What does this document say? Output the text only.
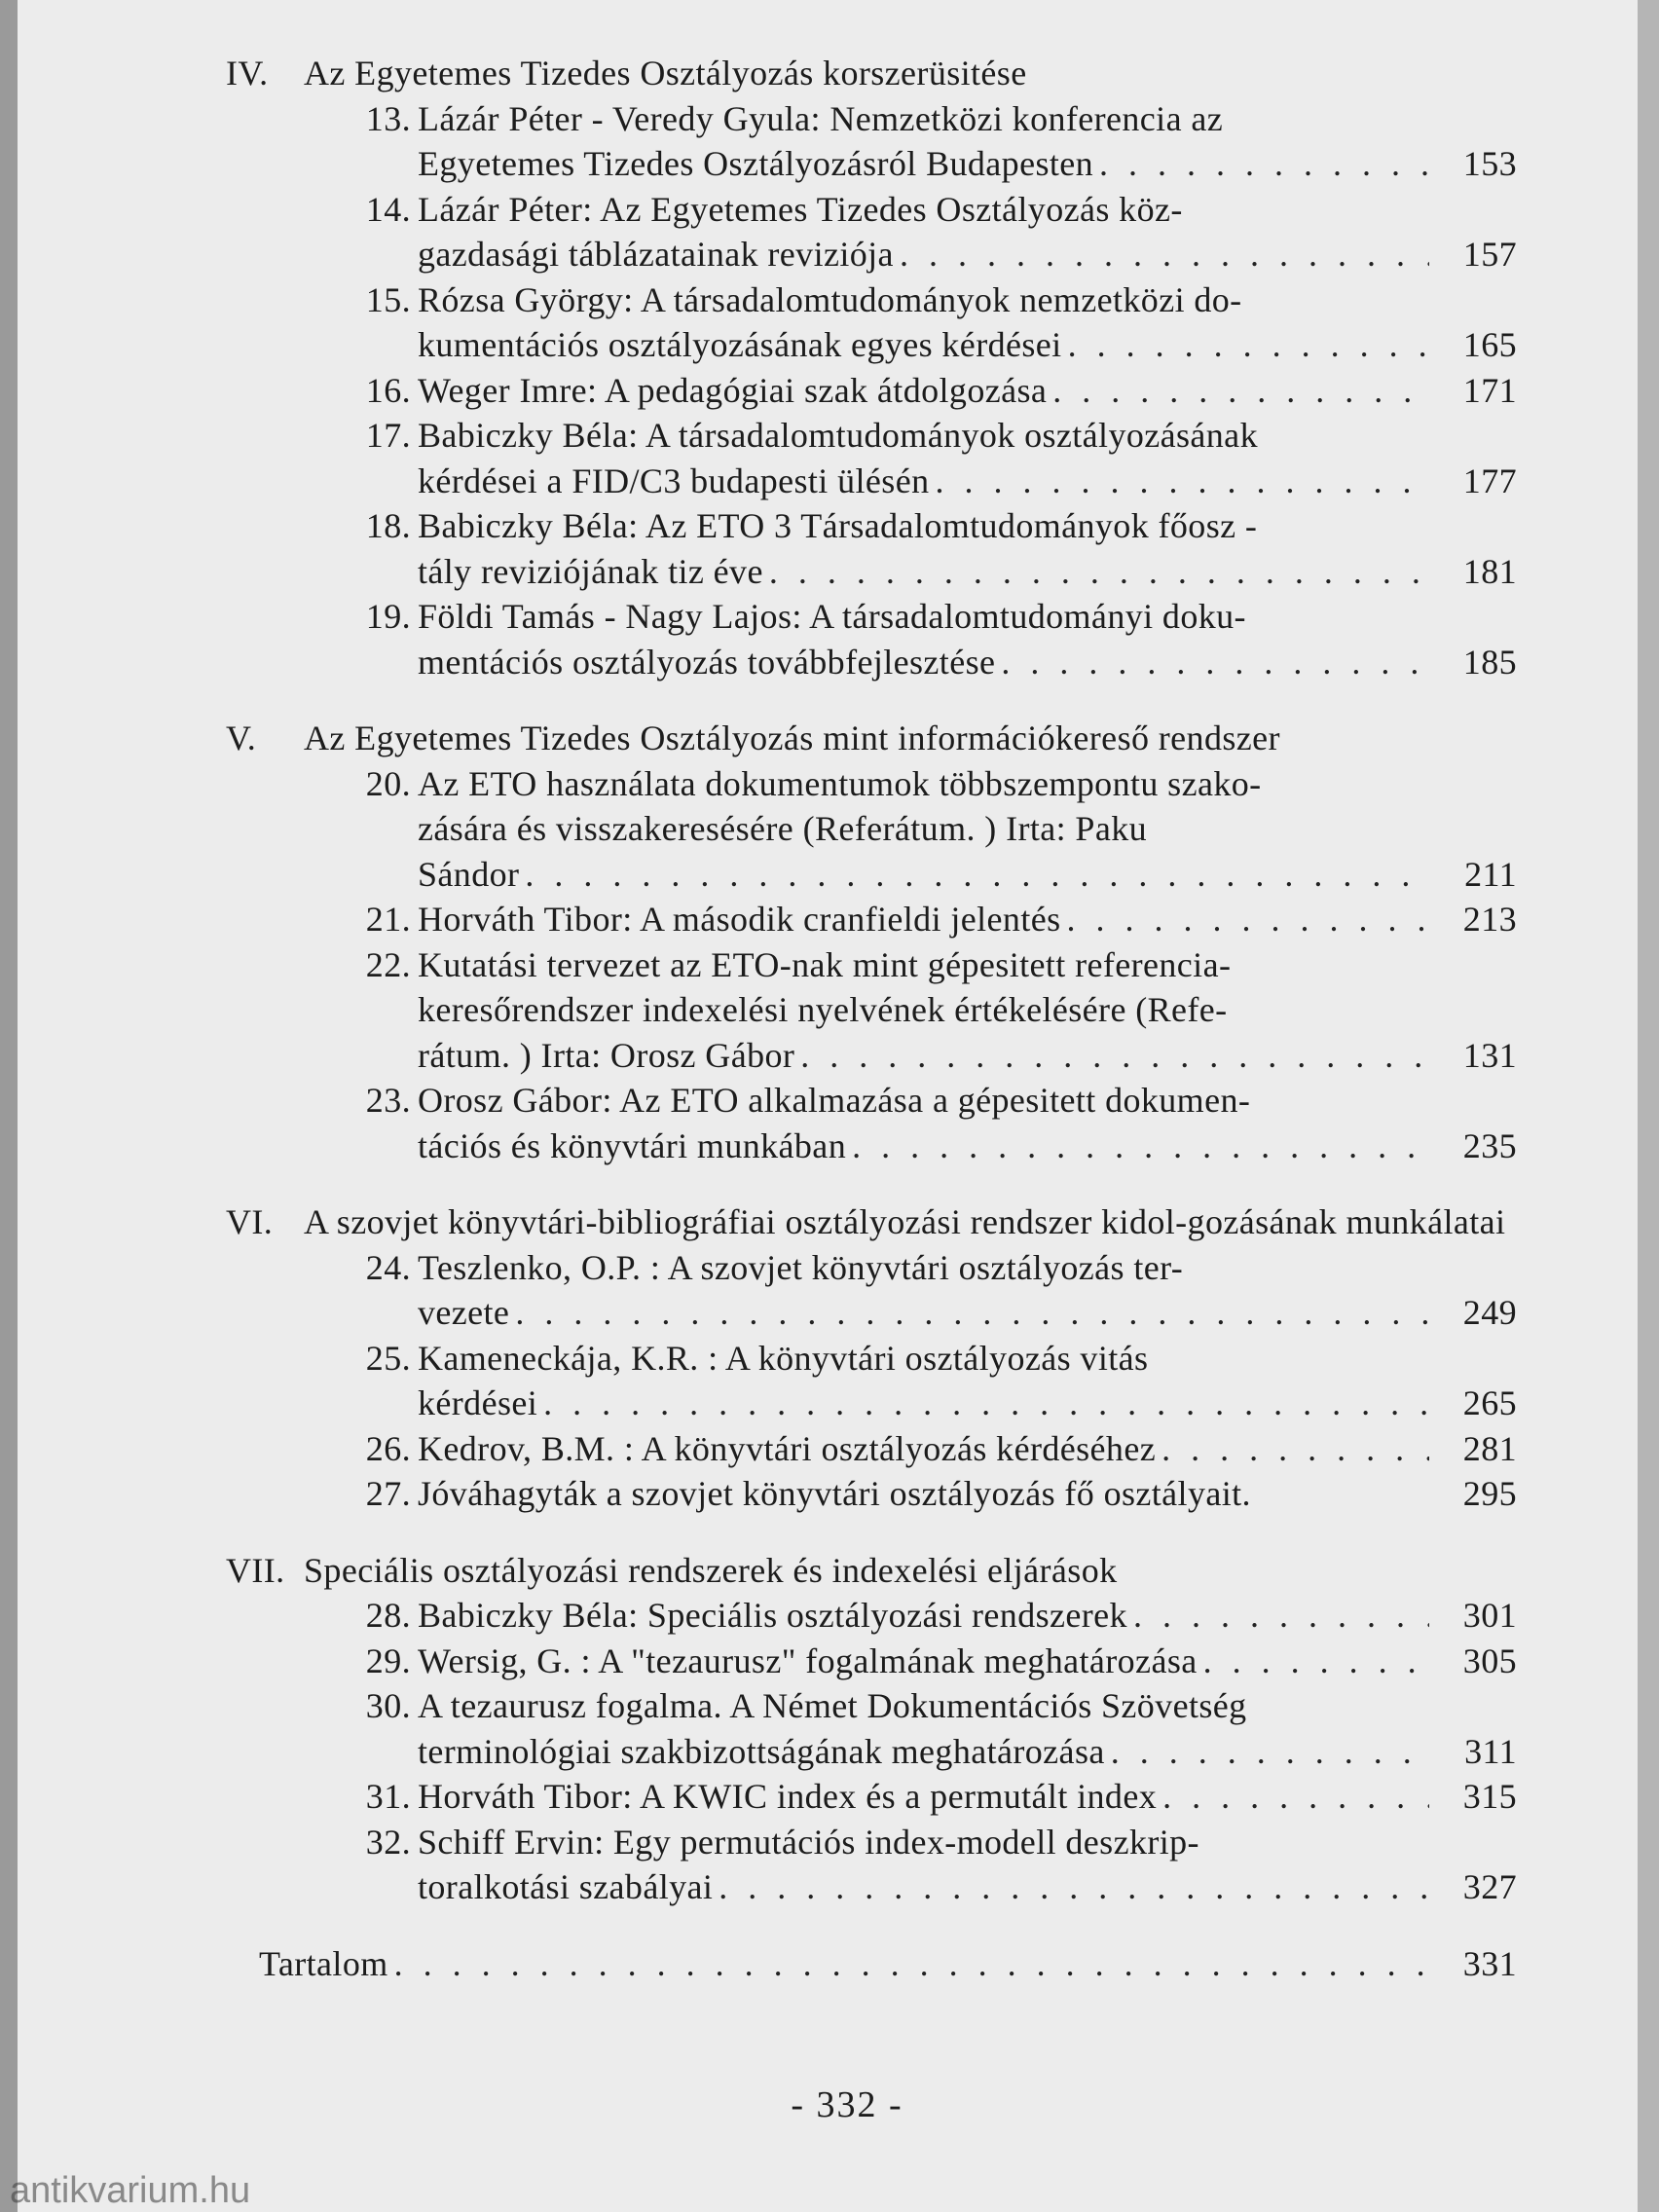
IV.	Az Egyetemes Tizedes Osztályozás korszerüsitése

13. Lázár Péter - Veredy Gyula: Nemzetközi konferencia az
Egyetemes Tizedes Osztályozásról Budapesten . . .	153
14. Lázár Péter: Az Egyetemes Tizedes Osztályozás köz-
gazdasági táblázatainak reviziója . . .	157
15. Rózsa György: A társadalomtudományok nemzetközi do-
kumentációs osztályozásának egyes kérdései . . .	165
16. Weger Imre: A pedagógiai szak átdolgozása . . .	171
17. Babiczky Béla: A társadalomtudományok osztályozásának
kérdései a FID/C3 budapesti ülésén . . .	177
18. Babiczky Béla: Az ETO 3 Társadalomtudományok főosz -
tály reviziójának tiz éve . . .	181
19. Földi Tamás - Nagy Lajos: A társadalomtudományi doku-
mentációs osztályozás továbbfejlesztése . . .	185

V.	Az Egyetemes Tizedes Osztályozás mint információkereső rendszer

20. Az ETO használata dokumentumok többszempontu szako-
zására és visszakeresésére (Referátum. ) Irta: Paku
Sándor . . .	211
21. Horváth Tibor: A második cranfieldi jelentés . . .	213
22. Kutatási tervezet az ETO-nak mint gépesitett referencia-
keresőrendszer indexelési nyelvének értékelésére (Refe-
rátum. ) Irta: Orosz Gábor . . .	131
23. Orosz Gábor: Az ETO alkalmazása a gépesitett dokumen-
tációs és könyvtári munkában . . .	235

VI. A szovjet könyvtári-bibliográfiai osztályozási rendszer kidol-gozásának munkálatai

24. Teszlenko, O.P. : A szovjet könyvtári osztályozás ter-
vezete . . .	249
25. Kameneckája, K.R. : A könyvtári osztályozás vitás
kérdései . . .	265
26. Kedrov, B.M. : A könyvtári osztályozás kérdéséhez . . .	281
27. Jóváhagyták a szovjet könyvtári osztályozás fő osztályait.	295

VII. Speciális osztályozási rendszerek és indexelési eljárások

28. Babiczky Béla: Speciális osztályozási rendszerek . . .	301
29. Wersig, G. : A "tezaurusz" fogalmának meghatározása . . .	305
30. A tezaurusz fogalma. A Német Dokumentációs Szövetség
terminológiai szakbizottságának meghatározása . . .	311
31. Horváth Tibor: A KWIC index és a permutált index . . .	315
32. Schiff Ervin: Egy permutációs index-modell deszkrip-
toralkotási szabályai . . .	327
Tartalom . . .	331
- 332 -
antikvarium.hu
